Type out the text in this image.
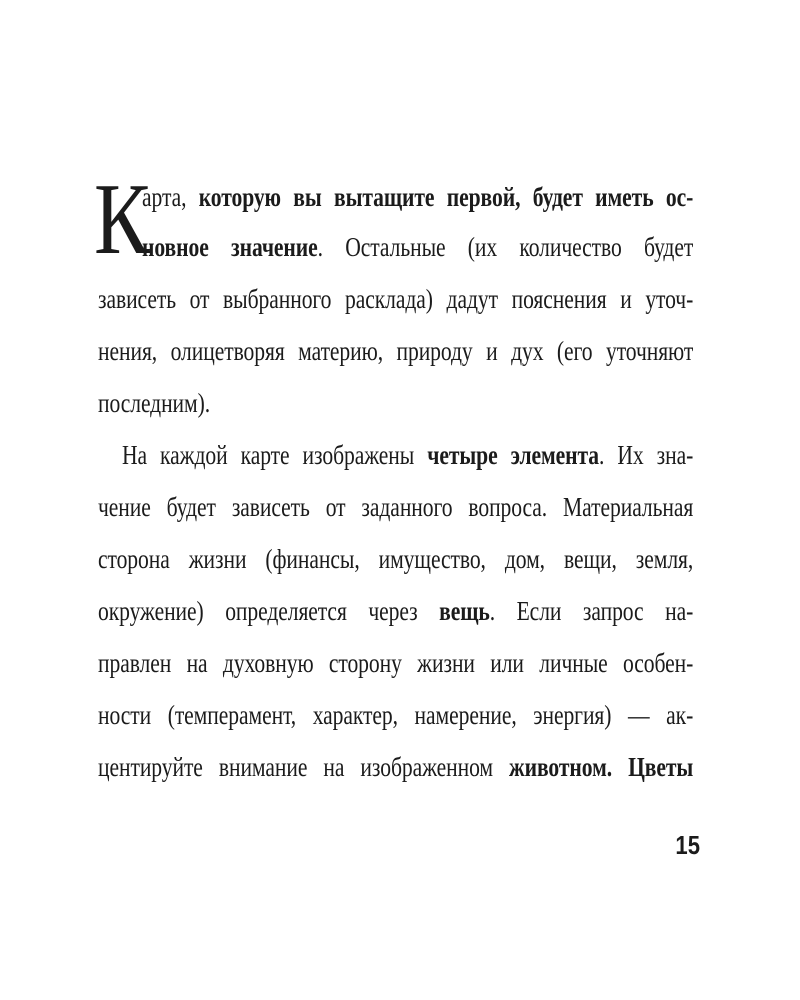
К
арта, которую вы вытащите первой, будет иметь ос-
новное значение. Остальные (их количество будет
зависеть от выбранного расклада) дадут пояснения и уточ-
нения, олицетворяя материю, природу и дух (его уточняют
последним).
На каждой карте изображены четыре элемента. Их зна-
чение будет зависеть от заданного вопроса. Материальная
сторона жизни (финансы, имущество, дом, вещи, земля,
окружение) определяется через вещь. Если запрос на-
правлен на духовную сторону жизни или личные особен-
ности (темперамент, характер, намерение, энергия) — ак-
центируйте внимание на изображенном животном. Цветы
15
